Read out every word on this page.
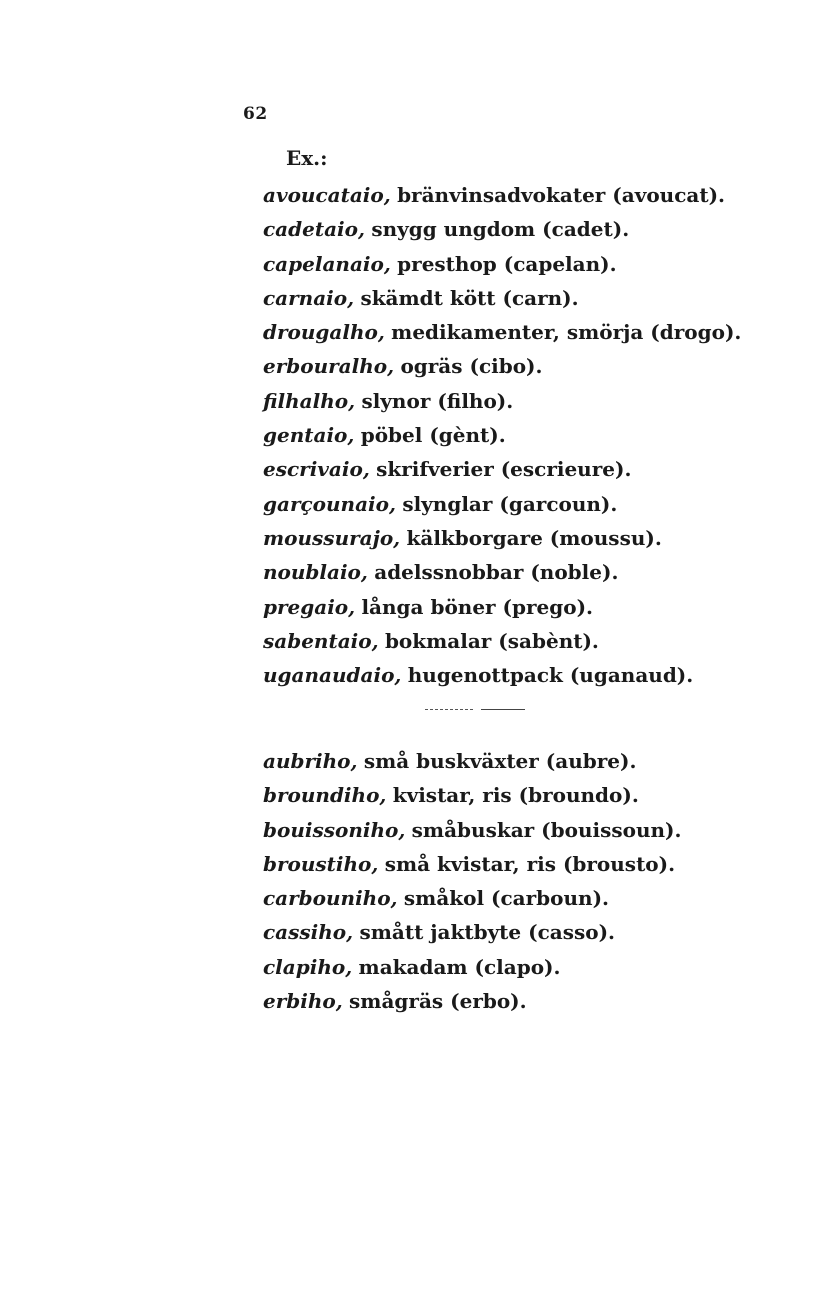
62
Ex.:
avoucataio, bränvinsadvokater (avoucat).
cadetaio, snygg ungdom (cadet).
capelanaio, presthop (capelan).
carnaio, skämdt kött (carn).
drougalho, medikamenter, smörja (drogo).
erbouralho, ogräs (cibo).
filhalho, slynor (filho).
gentaio, pöbel (gènt).
escrivaio, skrifverier (escrieure).
garçounaio, slynglar (garcoun).
moussurajo, kälkborgare (moussu).
noublaio, adelssnobbar (noble).
pregaio, långa böner (prego).
sabentaio, bokmalar (sabènt).
uganaudaio, hugenottpack (uganaud).
aubriho, små buskväxter (aubre).
broundiho, kvistar, ris (broundo).
bouissoniho, småbuskar (bouissoun).
broustiho, små kvistar, ris (brousto).
carbouniho, småkol (carboun).
cassiho, smått jaktbyte (casso).
clapiho, makadam (clapo).
erbiho, smågräs (erbo).
